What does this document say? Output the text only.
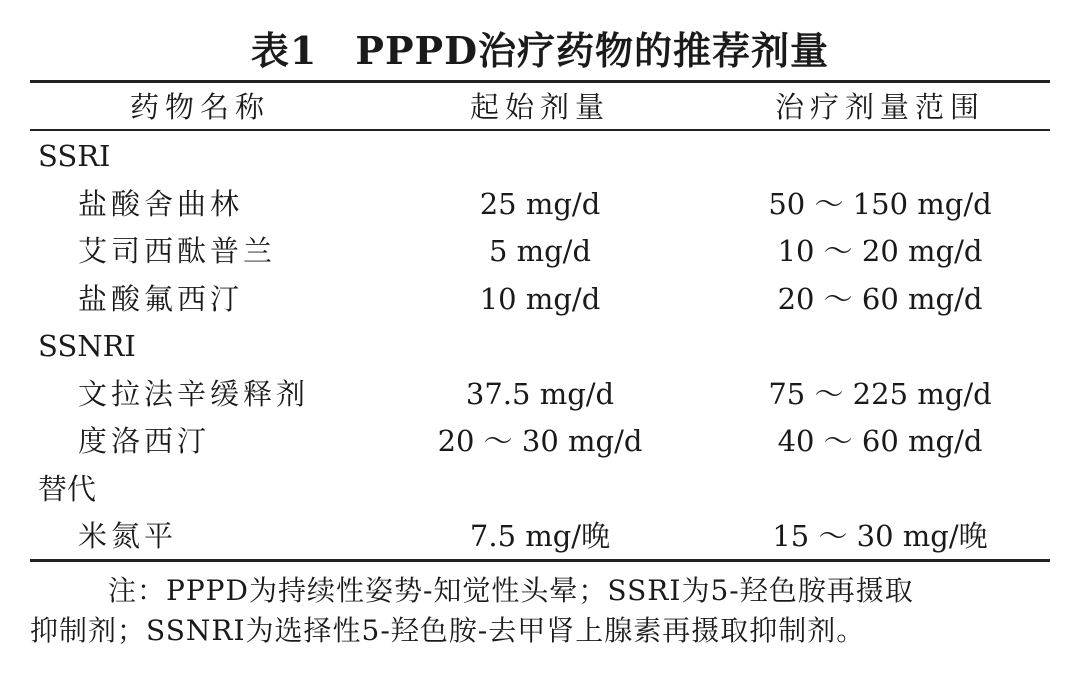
表1 PPPD治疗药物的推荐剂量
药物名称	起始剂量	治疗剂量范围
SSRI
盐酸舍曲林	25 mg/d	50 ～ 150 mg/d
艾司西酞普兰	5 mg/d	10 ～ 20 mg/d
盐酸氟西汀	10 mg/d	20 ～ 60 mg/d
SSNRI
文拉法辛缓释剂	37.5 mg/d	75 ～ 225 mg/d
度洛西汀	20 ～ 30 mg/d	40 ～ 60 mg/d
替代
米氮平	7.5 mg/晚	15 ～ 30 mg/晚
注：PPPD为持续性姿势-知觉性头晕；SSRI为5-羟色胺再摄取
抑制剂；SSNRI为选择性5-羟色胺-去甲肾上腺素再摄取抑制剂。
